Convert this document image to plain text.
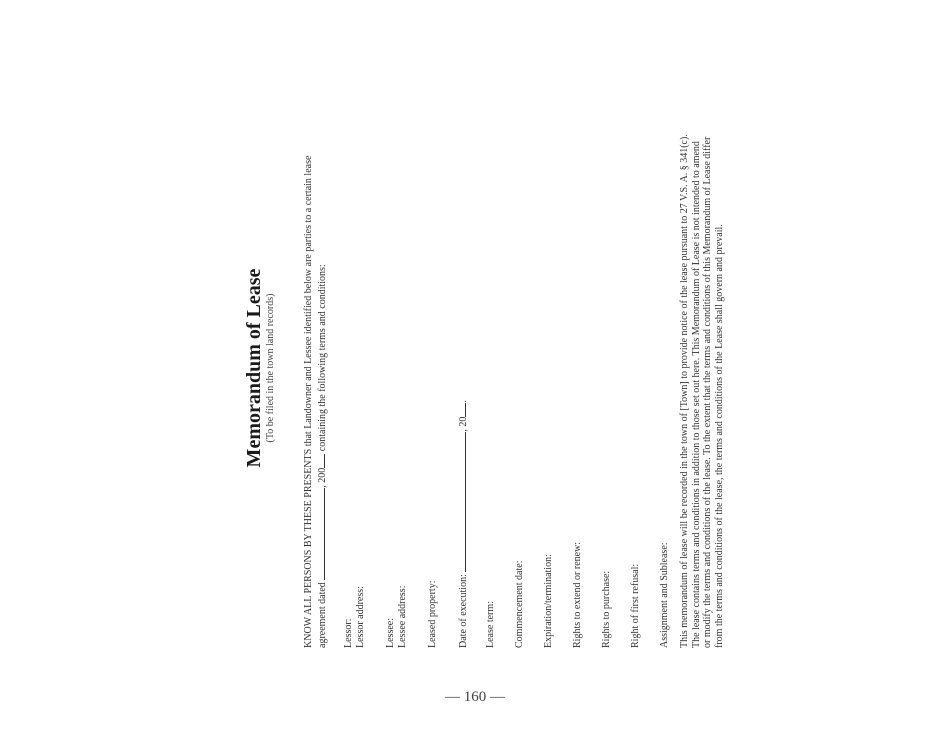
Memorandum of Lease (To be filed in the town land records)	KNOW ALL PERSONS BY THESE PRESENTS that Landowner and Lessee identified below are parties to a certain lease agreement dated , 200 containing the following terms and conditions:
Lessor: Lessor address: Lessee: Lessee address: Leased property: Date of execution: , 20.
Lease term: Commencement date: Expiration/termination: Rights to extend or renew: Rights to purchase: Right of first refusal: Assignment and Sublease: This memorandum of lease will be recorded in the town of [Town] to provide notice of the lease pursuant to 27 V.S. A. § 341(c). The lease contains terms and conditions in addition to those set out here. This Memorandum of Lease is not intended to amend or modify the terms and conditions of the lease. To the extent that the terms and conditions of this Memorandum of Lease differ from the terms and conditions of the lease, the terms and conditions of the Lease shall govern and prevail.
— 160 —
